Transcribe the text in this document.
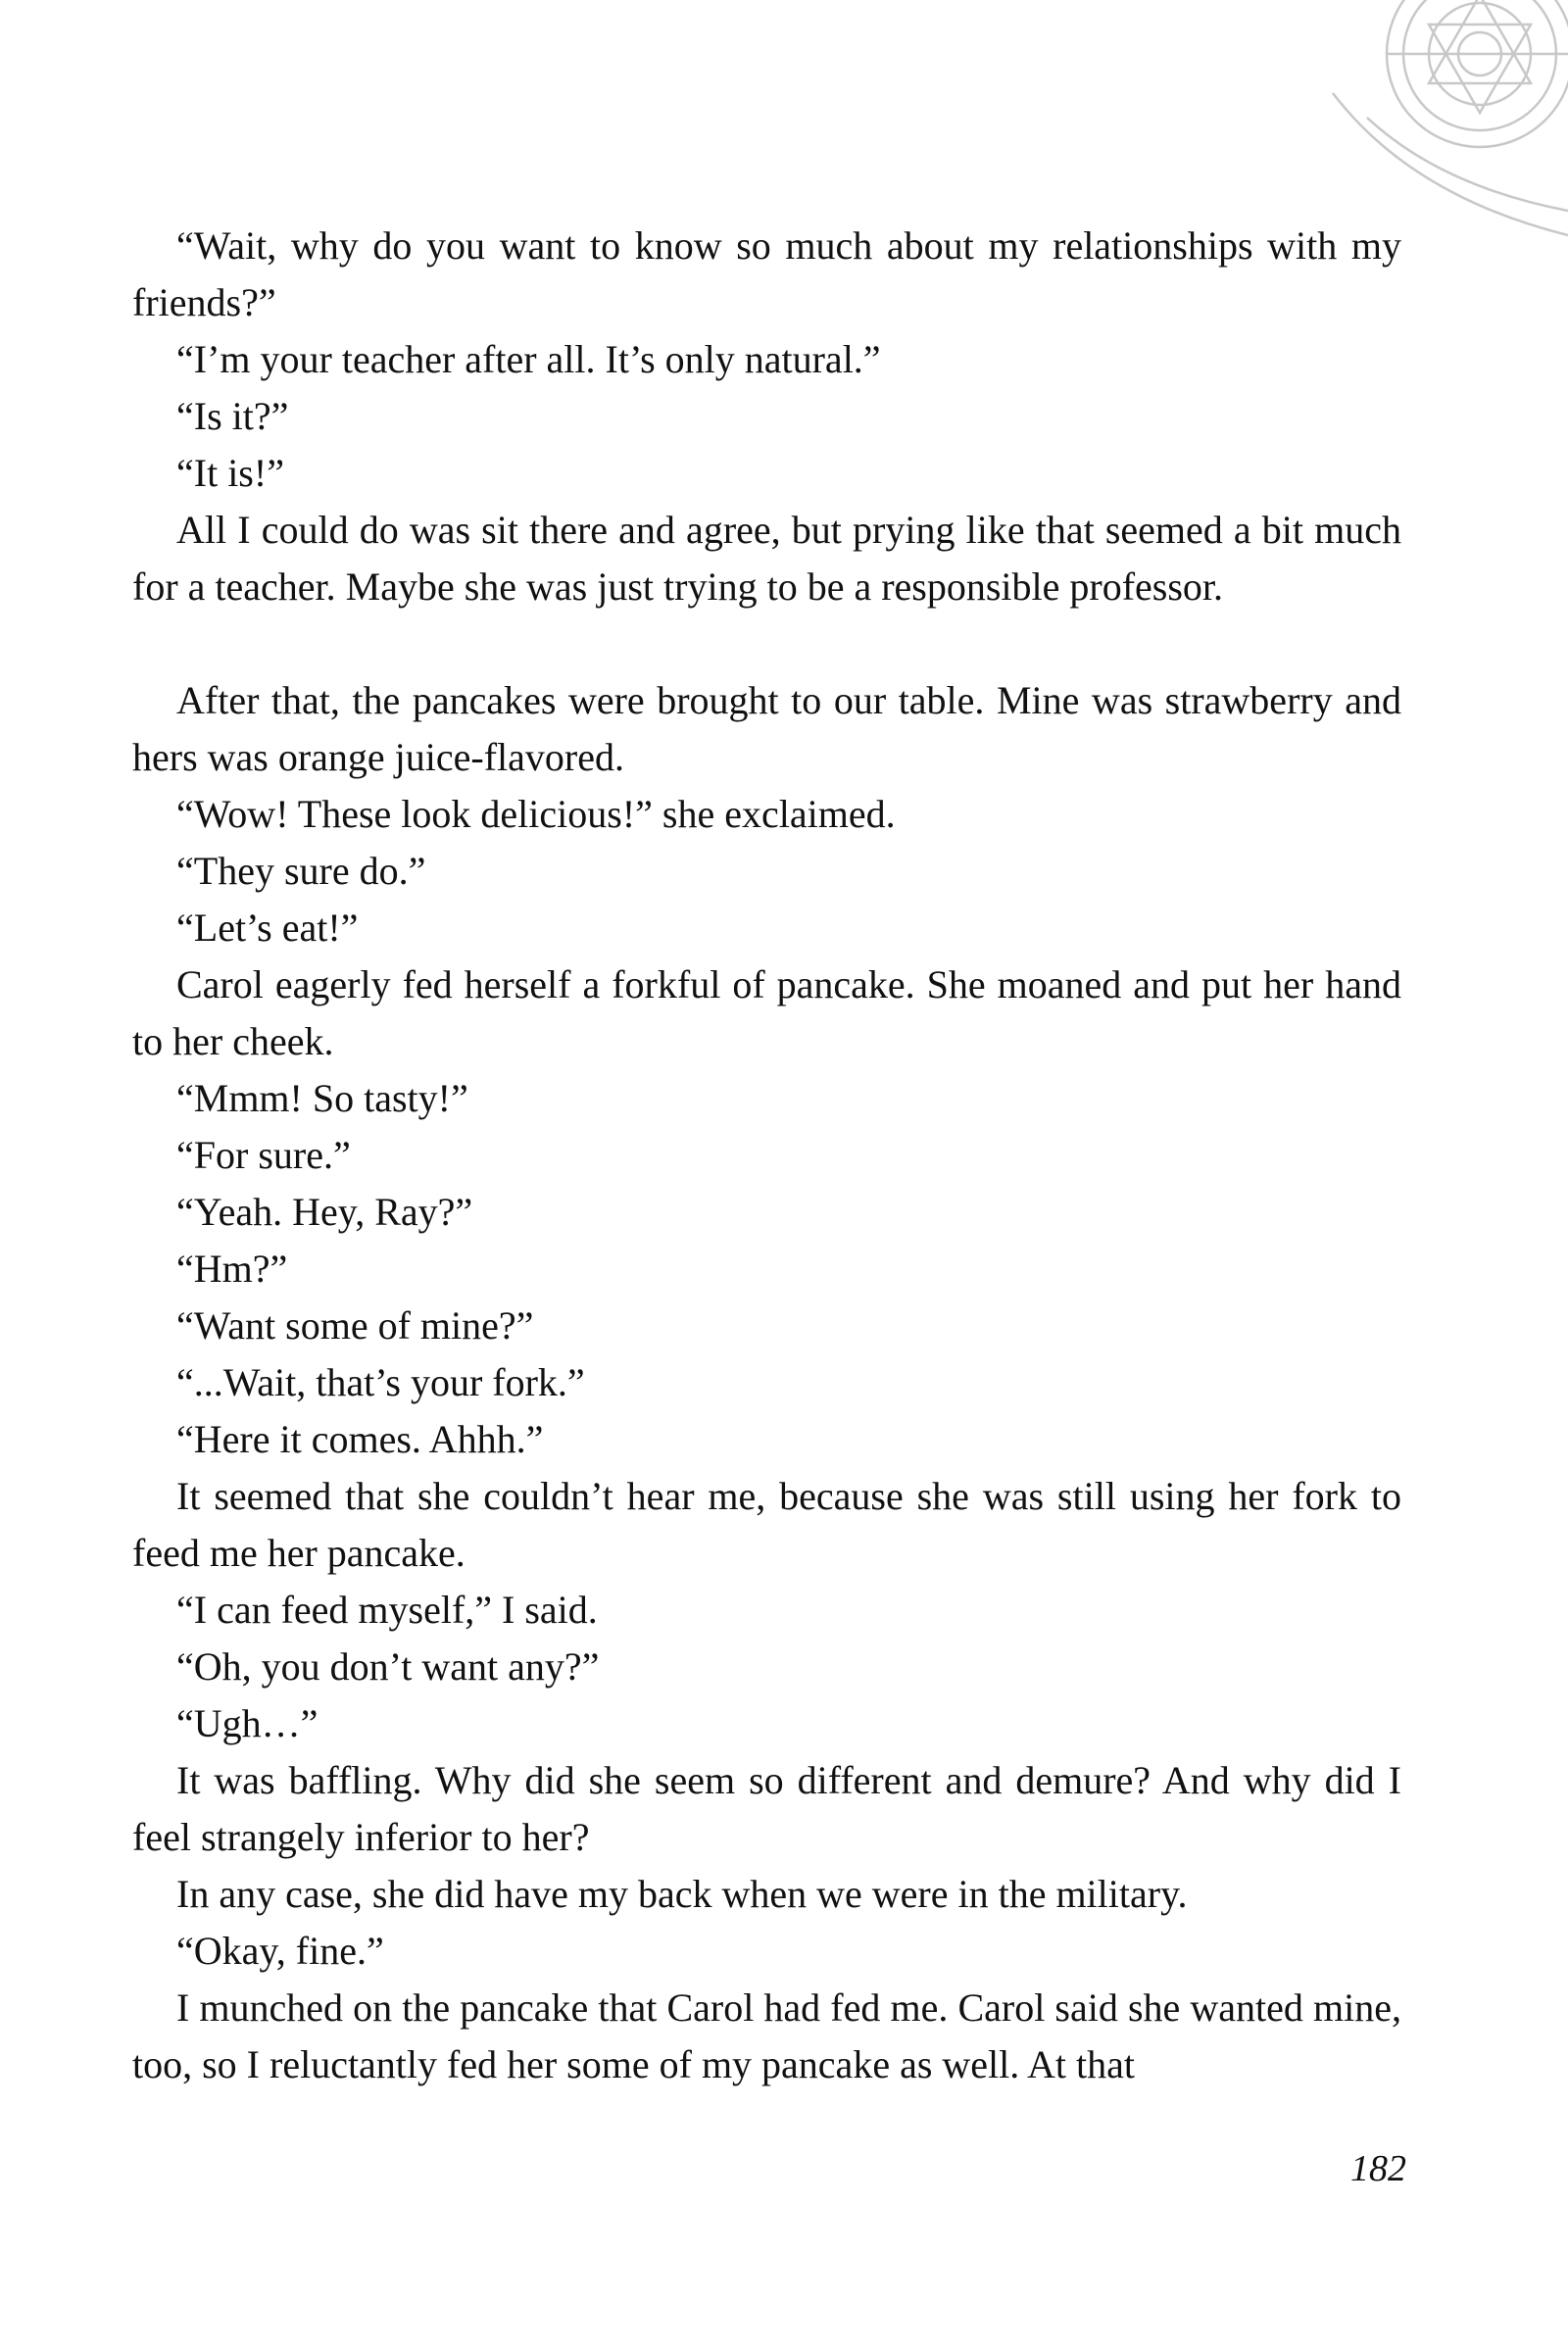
“Wait, why do you want to know so much about my relationships with my friends?”

“I’m your teacher after all. It’s only natural.”

“Is it?”

“It is!”

All I could do was sit there and agree, but prying like that seemed a bit much for a teacher. Maybe she was just trying to be a responsible professor.

After that, the pancakes were brought to our table. Mine was strawberry and hers was orange juice-flavored.

“Wow! These look delicious!” she exclaimed.

“They sure do.”

“Let’s eat!”

Carol eagerly fed herself a forkful of pancake. She moaned and put her hand to her cheek.

“Mmm! So tasty!”

“For sure.”

“Yeah. Hey, Ray?”

“Hm?”

“Want some of mine?”

“...Wait, that’s your fork.”

“Here it comes. Ahhh.”

It seemed that she couldn’t hear me, because she was still using her fork to feed me her pancake.

“I can feed myself,” I said.

“Oh, you don’t want any?”

“Ugh…”

It was baffling. Why did she seem so different and demure? And why did I feel strangely inferior to her?

In any case, she did have my back when we were in the military.

“Okay, fine.”

I munched on the pancake that Carol had fed me. Carol said she wanted mine, too, so I reluctantly fed her some of my pancake as well. At that

182
